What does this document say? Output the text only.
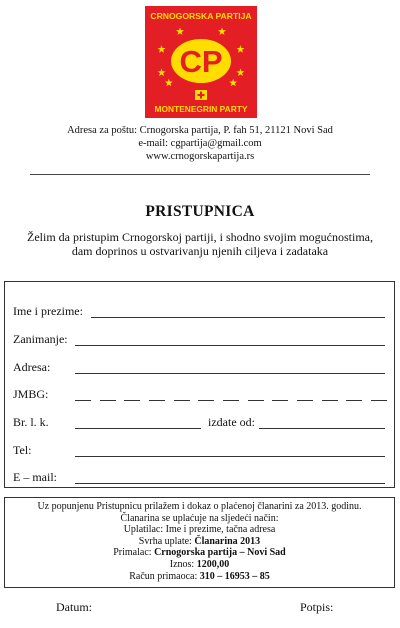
CRNOGORSKA PARTIJA
CP
MONTENEGRIN PARTY
Adresa za poštu: Crnogorska partija, P. fah 51, 21121 Novi Sad
e-mail: cgpartija@gmail.com
www.crnogorskapartija.rs
PRISTUPNICA
Želim da pristupim Crnogorskoj partiji, i shodno svojim mogućnostima,
dam doprinos u ostvarivanju njenih ciljeva i zadataka
Ime i prezime:
Zanimanje:
Adresa:
JMBG:
Br. l. k.	izdate od:
Tel:
E – mail:
Uz popunjenu Pristupnicu prilažem i dokaz o plaćenoj članarini za 2013. godinu.
Članarina se uplaćuje na sljedeći način:
Uplatilac: Ime i prezime, tačna adresa
Svrha uplate: Članarina 2013
Primalac: Crnogorska partija – Novi Sad
Iznos: 1200,00
Račun primaoca: 310 – 16953 – 85
Datum:	Potpis:
